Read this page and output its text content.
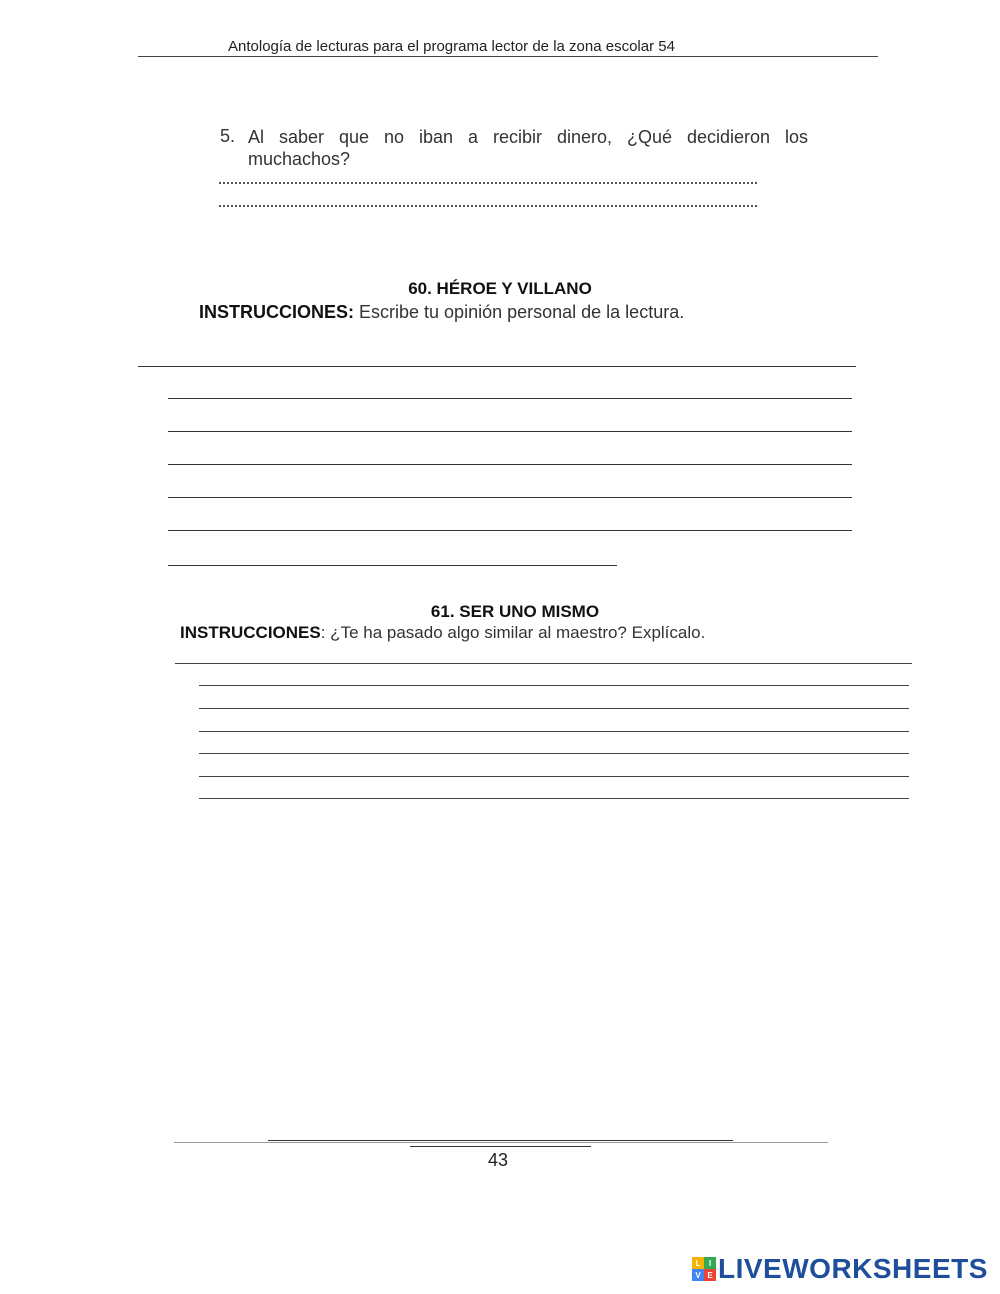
Antología de lecturas para el programa lector de la zona escolar 54
5. Al saber que no iban a recibir dinero, ¿Qué decidieron los muchachos?
60. HÉROE Y VILLANO
INSTRUCCIONES: Escribe tu opinión personal de la lectura.
61. SER UNO MISMO
INSTRUCCIONES: ¿Te ha pasado algo similar al maestro? Explícalo.
43
L	I
V E LIVEWORKSHEETS
